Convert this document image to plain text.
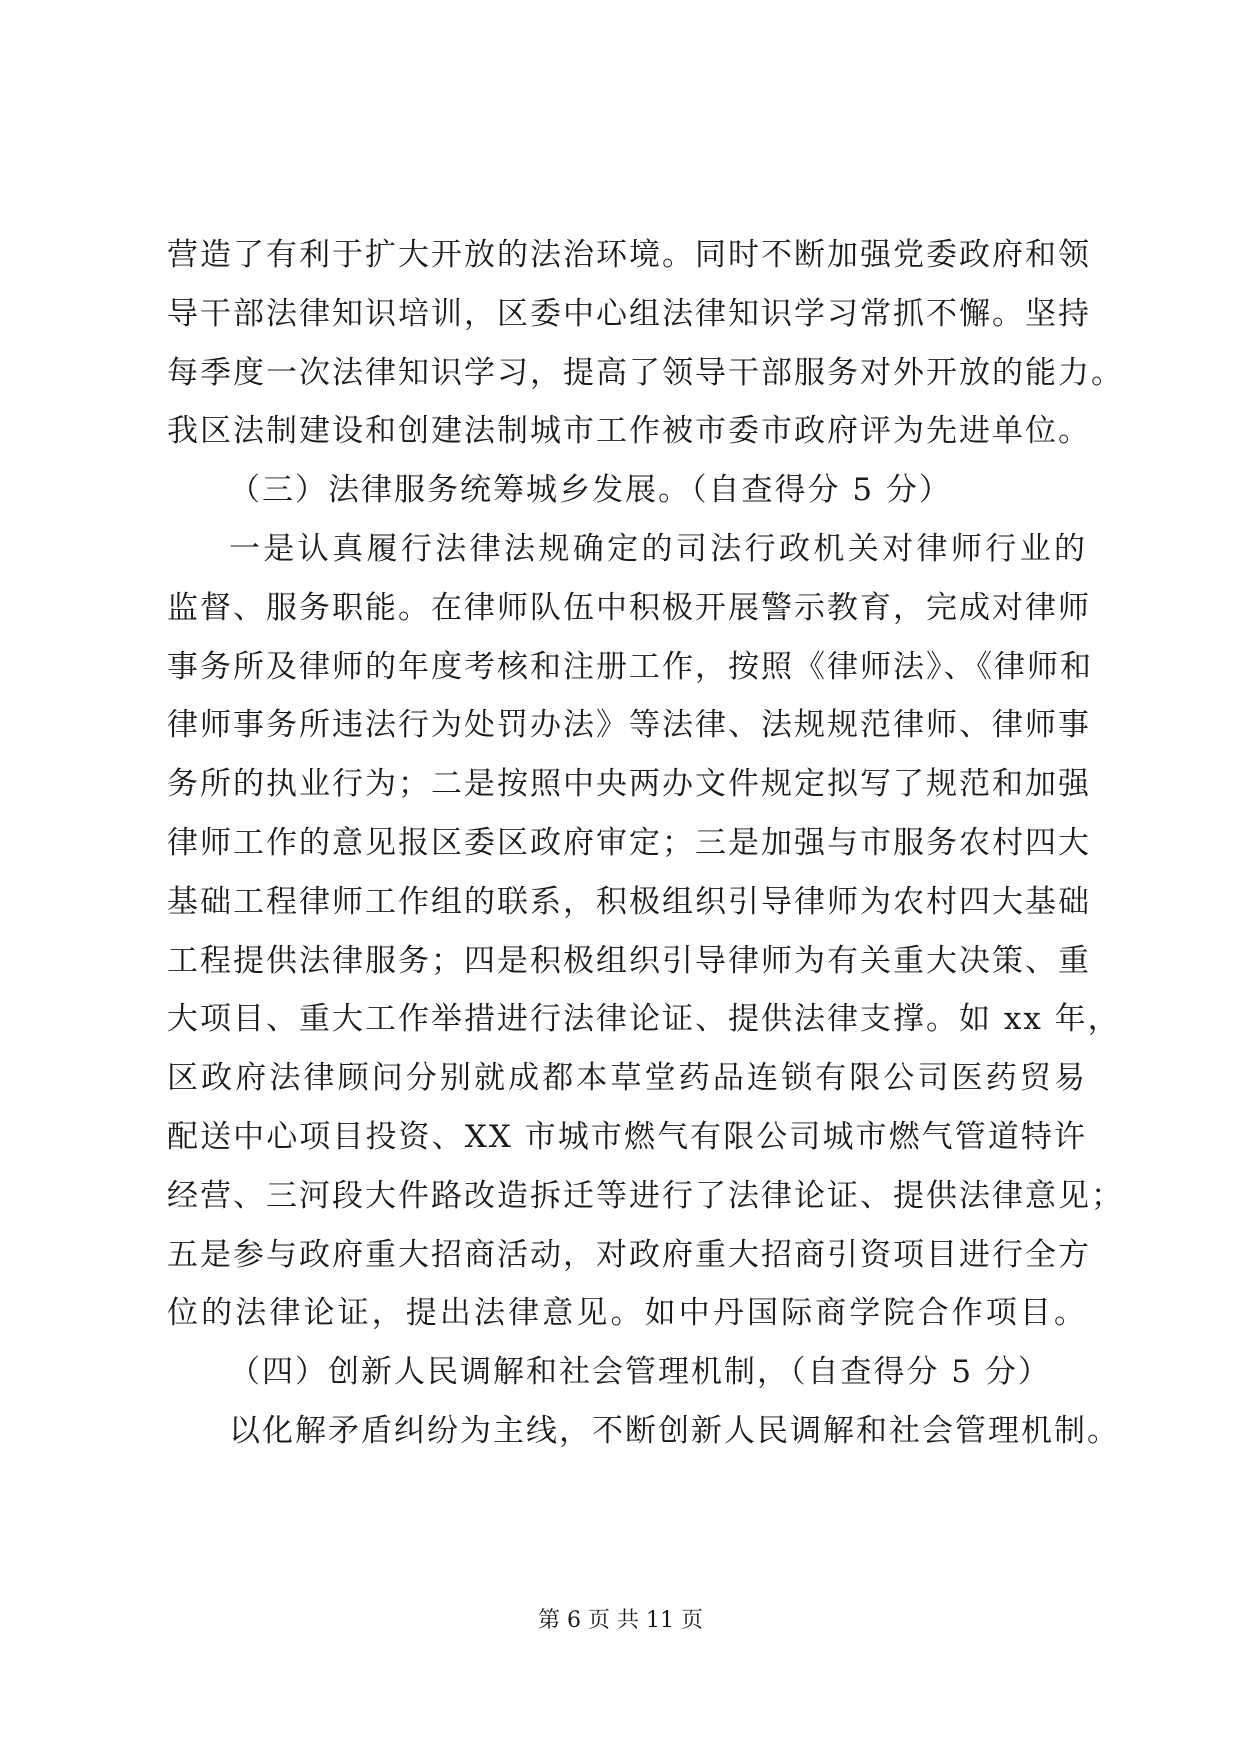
营造了有利于扩大开放的法治环境。同时不断加强党委政府和领
导干部法律知识培训，区委中心组法律知识学习常抓不懈。坚持
每季度一次法律知识学习，提高了领导干部服务对外开放的能力。
我区法制建设和创建法制城市工作被市委市政府评为先进单位。
（三）法律服务统筹城乡发展。（自查得分 5 分）
一是认真履行法律法规确定的司法行政机关对律师行业的
监督、服务职能。在律师队伍中积极开展警示教育，完成对律师
事务所及律师的年度考核和注册工作，按照《律师法》、《律师和
律师事务所违法行为处罚办法》等法律、法规规范律师、律师事
务所的执业行为；二是按照中央两办文件规定拟写了规范和加强
律师工作的意见报区委区政府审定；三是加强与市服务农村四大
基础工程律师工作组的联系，积极组织引导律师为农村四大基础
工程提供法律服务；四是积极组织引导律师为有关重大决策、重
大项目、重大工作举措进行法律论证、提供法律支撑。如 xx 年，
区政府法律顾问分别就成都本草堂药品连锁有限公司医药贸易
配送中心项目投资、XX 市城市燃气有限公司城市燃气管道特许
经营、三河段大件路改造拆迁等进行了法律论证、提供法律意见；
五是参与政府重大招商活动，对政府重大招商引资项目进行全方
位的法律论证，提出法律意见。如中丹国际商学院合作项目。
（四）创新人民调解和社会管理机制，（自查得分 5 分）
以化解矛盾纠纷为主线，不断创新人民调解和社会管理机制。
第 6 页 共 11 页
